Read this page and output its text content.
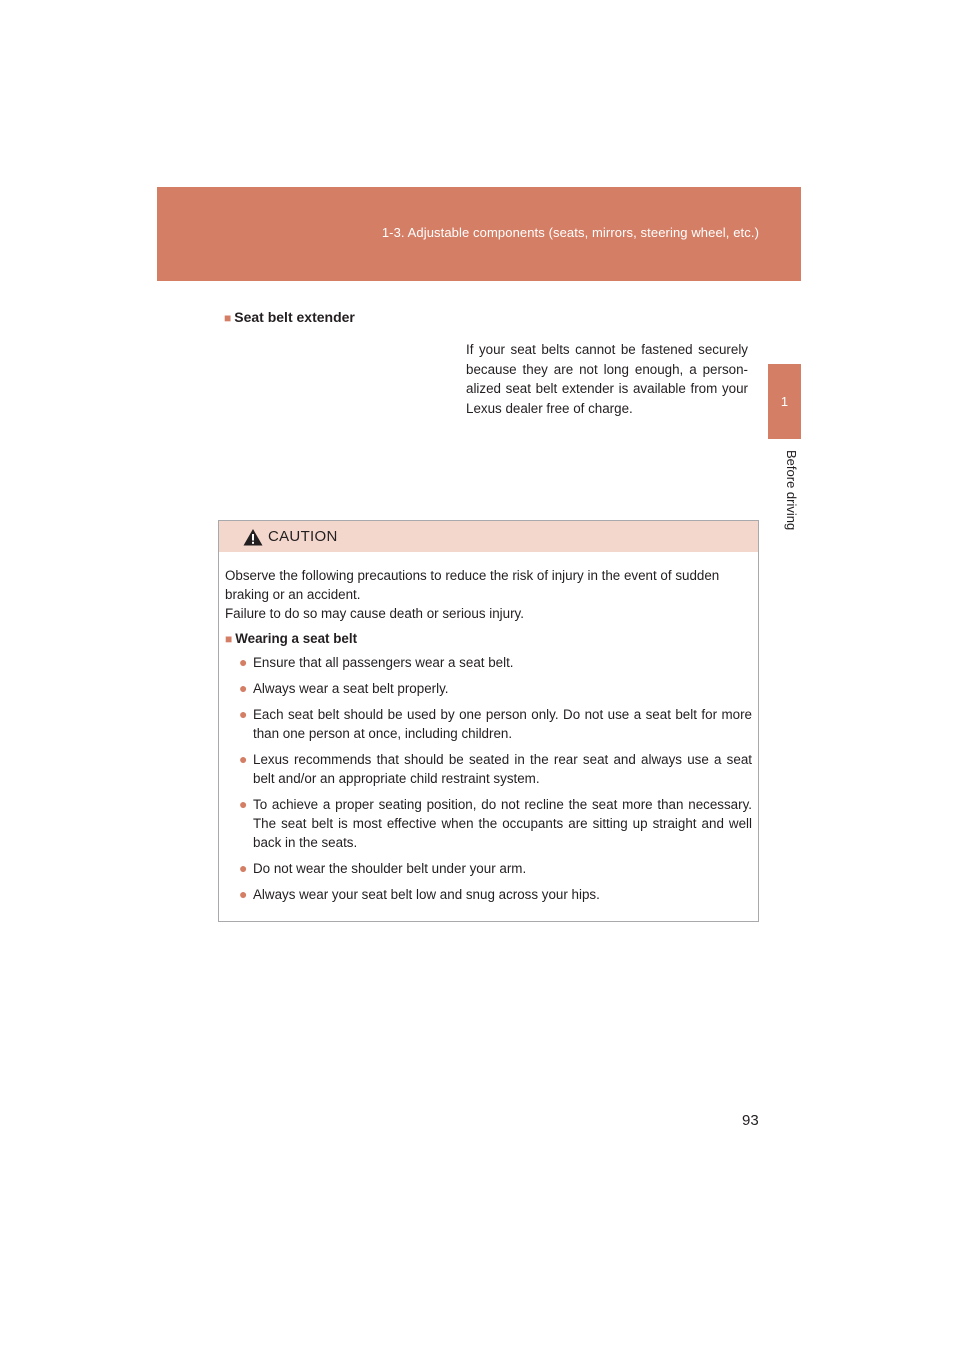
1-3. Adjustable components (seats, mirrors, steering wheel, etc.)
1
Before driving
■ Seat belt extender
If your seat belts cannot be fastened securely because they are not long enough, a person- alized seat belt extender is available from your Lexus dealer free of charge.
CAUTION

Observe the following precautions to reduce the risk of injury in the event of sudden braking or an accident.

Failure to do so may cause death or serious injury.

■ Wearing a seat belt

● Ensure that all passengers wear a seat belt.
● Always wear a seat belt properly.
● Each seat belt should be used by one person only. Do not use a seat belt for more than one person at once, including children.
● Lexus recommends that should be seated in the rear seat and always use a seat belt and/or an appropriate child restraint system.
● To achieve a proper seating position, do not recline the seat more than necessary. The seat belt is most effective when the occupants are sitting up straight and well back in the seats.
● Do not wear the shoulder belt under your arm.
● Always wear your seat belt low and snug across your hips.
93
